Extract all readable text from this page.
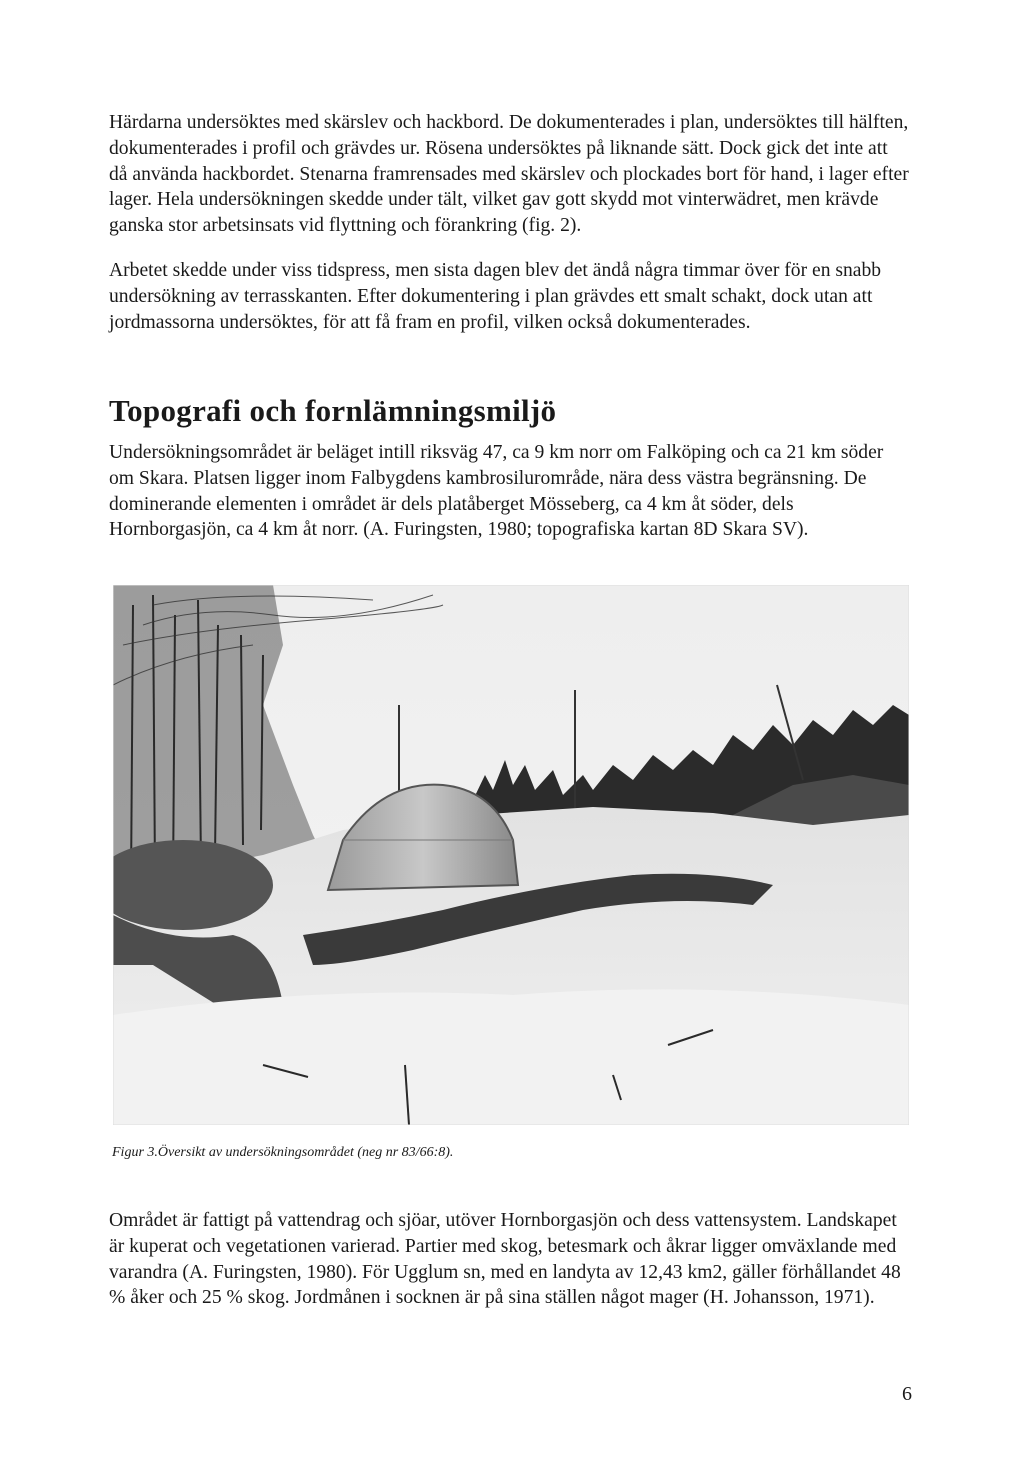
Härdarna undersöktes med skärslev och hackbord. De dokumenterades i plan, undersöktes till hälften, dokumenterades i profil och grävdes ur. Rösena undersöktes på liknande sätt. Dock gick det inte att då använda hackbordet. Stenarna framrensades med skärslev och plockades bort för hand, i lager efter lager. Hela undersökningen skedde under tält, vilket gav gott skydd mot vinterwädret, men krävde ganska stor arbetsinsats vid flyttning och förankring (fig. 2).

Arbetet skedde under viss tidspress, men sista dagen blev det ändå några timmar över för en snabb undersökning av terrasskanten. Efter dokumentering i plan grävdes ett smalt schakt, dock utan att jordmassorna undersöktes, för att få fram en profil, vilken också dokumenterades.

Topografi och fornlämningsmiljö

Undersökningsområdet är beläget intill riksväg 47, ca 9 km norr om Falköping och ca 21 km söder om Skara. Platsen ligger inom Falbygdens kambrosilurområde, nära dess västra begränsning. De dominerande elementen i området är dels platåberget Mösseberg, ca 4 km åt söder, dels Hornborgasjön, ca 4 km åt norr. (A. Furingsten, 1980; topografiska kartan 8D Skara SV).

Figur 3.Översikt av undersökningsområdet (neg nr 83/66:8).

Området är fattigt på vattendrag och sjöar, utöver Hornborgasjön och dess vattensystem. Landskapet är kuperat och vegetationen varierad. Partier med skog, betesmark och åkrar ligger omväxlande med varandra (A. Furingsten, 1980). För Ugglum sn, med en landyta av 12,43 km2, gäller förhållandet 48 % åker och 25 % skog. Jordmånen i socknen är på sina ställen något mager (H. Johansson, 1971).

6
